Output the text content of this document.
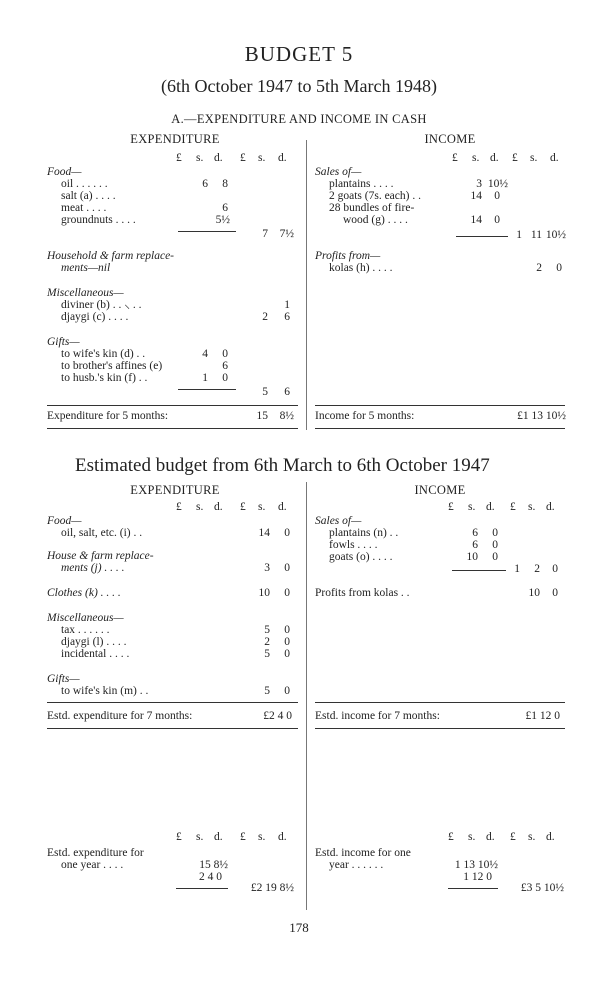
BUDGET 5
(6th October 1947 to 5th March 1948)
A.—EXPENDITURE AND INCOME IN CASH
EXPENDITURE	INCOME
£ s. d. £ s. d.	£ s. d. £ s. d.
Food—
oil . . . . . .	6	8
salt (a) . . . .
meat . . . .	6
groundnuts . . . .	5½
7	7½
Household & farm replace-
ments—nil
Miscellaneous—
diviner (b) . . ⸜ . .	1
djaygi (c) . . . .	2	6
Gifts—
to wife's kin (d) . .	4	0
to brother's affines (e)	6
to husb.'s kin (f) . .	1	0
5	6
Expenditure for 5 months:	15	8½
Sales of—
plantains . . . .	3 10½
2 goats (7s. each) . .	14	0
28 bundles of fire-
wood (g) . . . .	14	0
1 11 10½
Profits from—
kolas (h) . . . .	2	0
Income for 5 months:	£1 13 10½
Estimated budget from 6th March to 6th October 1947
EXPENDITURE	INCOME
£ s. d. £ s. d.	£ s. d. £ s. d.
Food—
oil, salt, etc. (i) . .	14	0
House & farm replace-
ments (j) . . . .	3	0
Clothes (k) . . . .	10	0
Miscellaneous—
tax . . . . . .	5	0
djaygi (l) . . . .	2	0
incidental . . . .	5	0
Gifts—
to wife's kin (m) . .	5	0
Estd. expenditure for 7 months:	£2 4 0
Sales of—
plantains (n) . .	6	0
fowls . . . .	6	0
goats (o) . . . .	10	0
1	2	0
Profits from kolas . .	10	0
Estd. income for 7 months:	£1 12 0
£ s. d. £ s. d.	£ s. d. £ s. d.
Estd. expenditure for
one year . . . .	15 8½
2 4 0
£2 19 8½
Estd. income for one
year . . . . . .	1 13 10½
1 12 0
£3 5 10½
178
